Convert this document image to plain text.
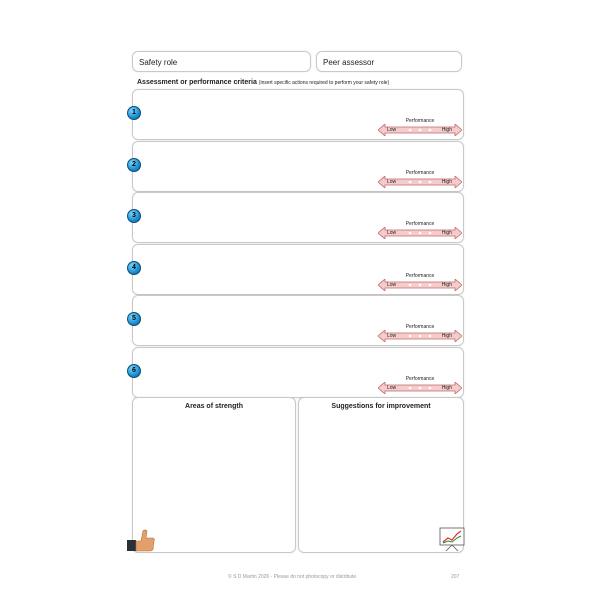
Safety role	Peer assessor
Assessment or performance criteria (insert specific actions required to perform your safety role)
1
Performance
Low	High
2
Performance
Low	High
3
Performance
Low	High
4
Performance
Low	High
5
Performance
Low	High
6
Performance
Low	High
Areas of strength	Suggestions for improvement
© S D Martin 2026 - Please do not photocopy or distribute	207
